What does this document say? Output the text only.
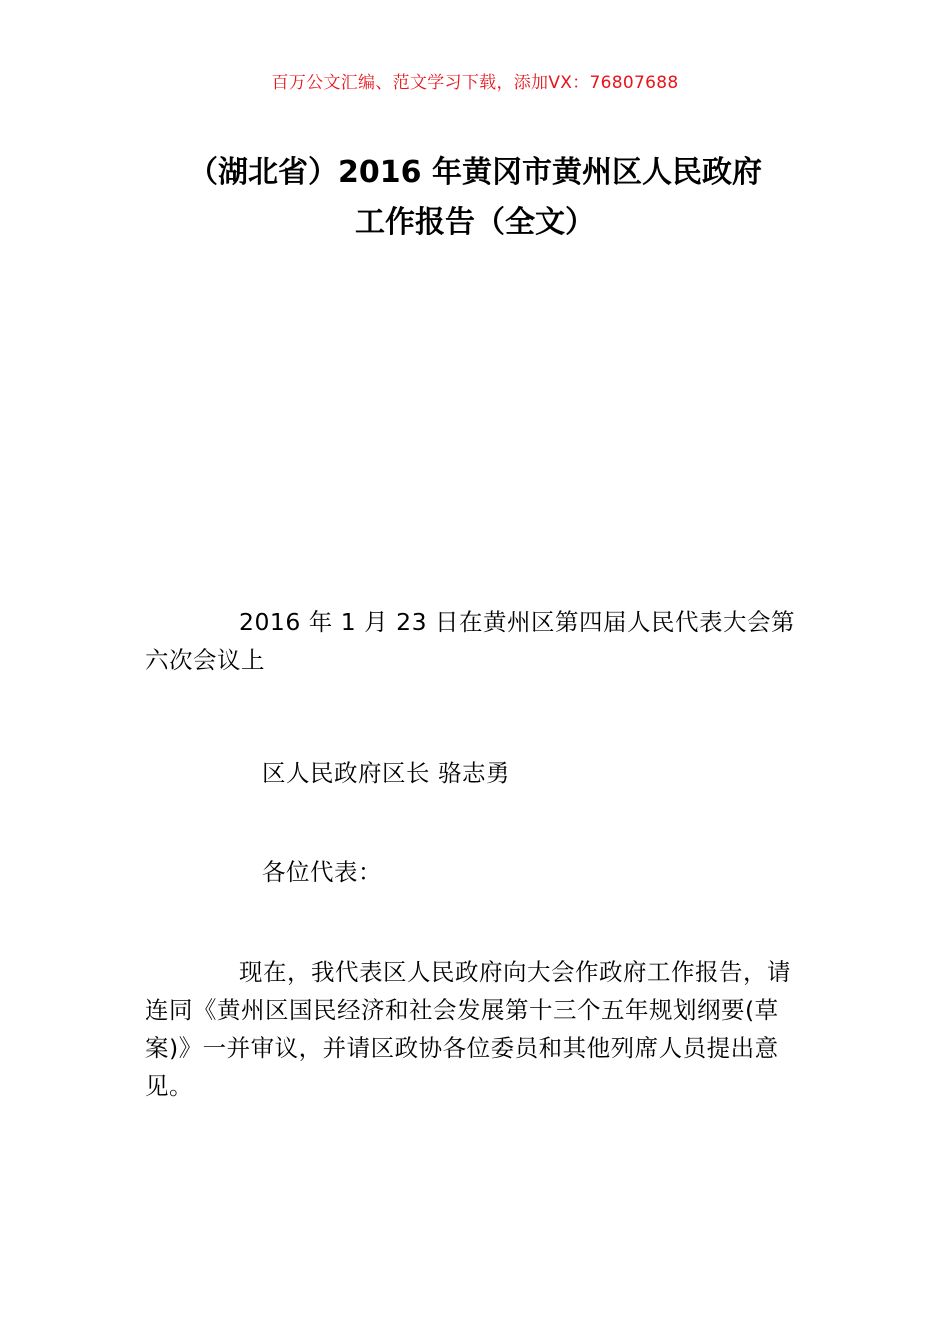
百万公文汇编、范文学习下载，添加VX：76807688
（湖北省）2016 年黄冈市黄州区人民政府
工作报告（全文）
2016 年 1 月 23 日在黄州区第四届人民代表大会第六次会议上
区人民政府区长 骆志勇
各位代表：
现在，我代表区人民政府向大会作政府工作报告，请连同《黄州区国民经济和社会发展第十三个五年规划纲要(草案)》一并审议，并请区政协各位委员和其他列席人员提出意见。
